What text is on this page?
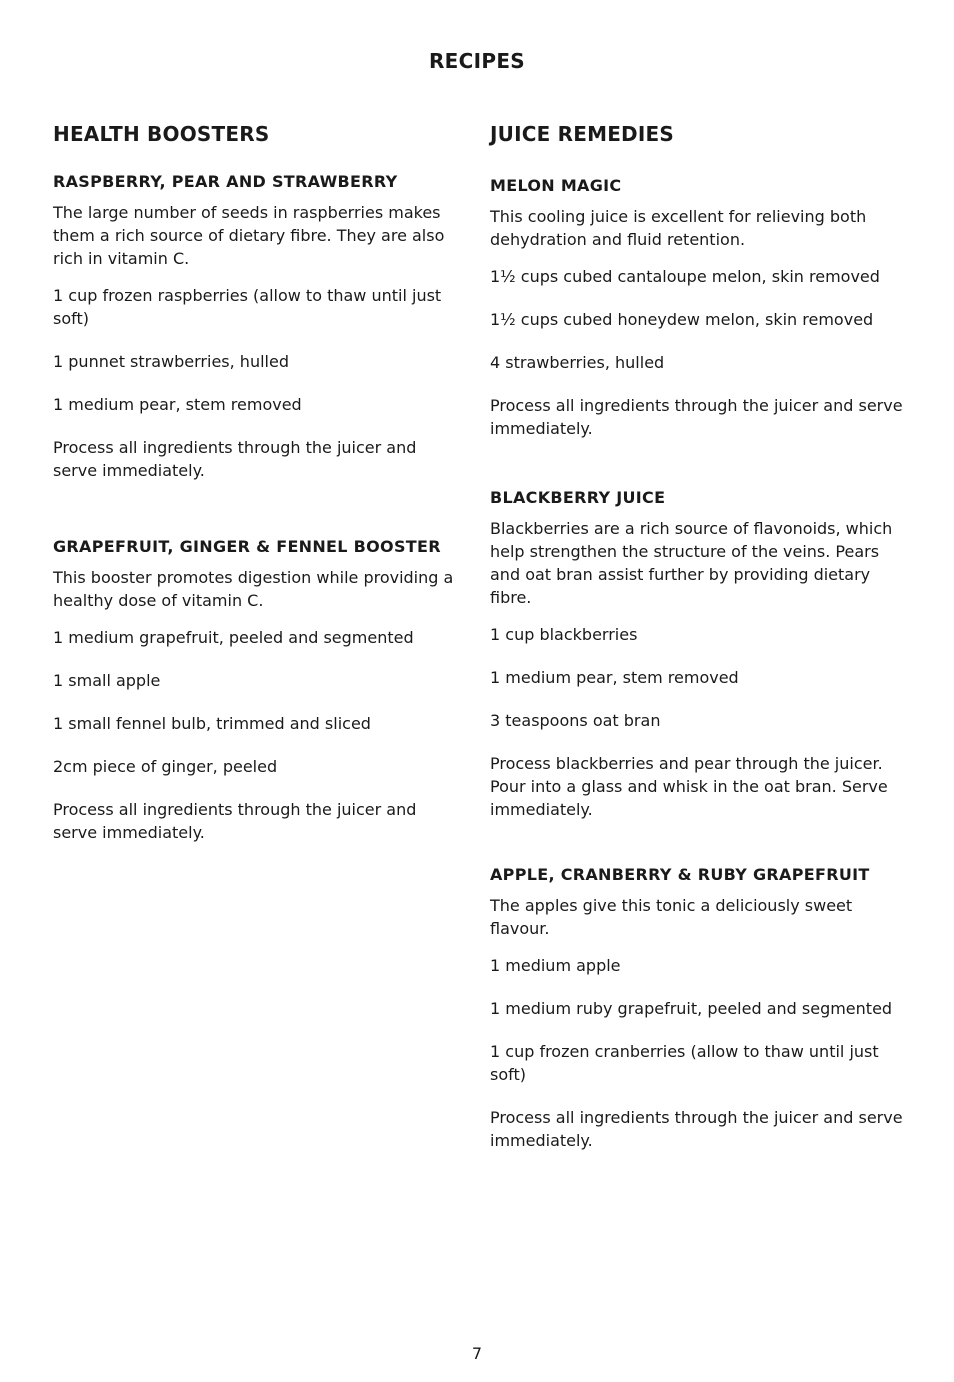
RECIPES
HEALTH BOOSTERS
RASPBERRY, PEAR AND STRAWBERRY

The large number of seeds in raspberries makes them a rich source of dietary fibre. They are also rich in vitamin C.

1 cup frozen raspberries (allow to thaw until just soft)

1 punnet strawberries, hulled

1 medium pear, stem removed

Process all ingredients through the juicer and serve immediately.

GRAPEFRUIT, GINGER & FENNEL BOOSTER

This booster promotes digestion while providing a healthy dose of vitamin C.

1 medium grapefruit, peeled and segmented

1 small apple

1 small fennel bulb, trimmed and sliced

2cm piece of ginger, peeled

Process all ingredients through the juicer and serve immediately.

JUICE REMEDIES
MELON MAGIC

This cooling juice is excellent for relieving both dehydration and fluid retention.

1½ cups cubed cantaloupe melon, skin removed

1½ cups cubed honeydew melon, skin removed

4 strawberries, hulled

Process all ingredients through the juicer and serve immediately.

BLACKBERRY JUICE

Blackberries are a rich source of flavonoids, which help strengthen the structure of the veins. Pears and oat bran assist further by providing dietary fibre.

1 cup blackberries

1 medium pear, stem removed

3 teaspoons oat bran

Process blackberries and pear through the juicer. Pour into a glass and whisk in the oat bran. Serve immediately.

APPLE, CRANBERRY & RUBY GRAPEFRUIT

The apples give this tonic a deliciously sweet flavour.

1 medium apple

1 medium ruby grapefruit, peeled and segmented

1 cup frozen cranberries (allow to thaw until just soft)

Process all ingredients through the juicer and serve immediately.

7
